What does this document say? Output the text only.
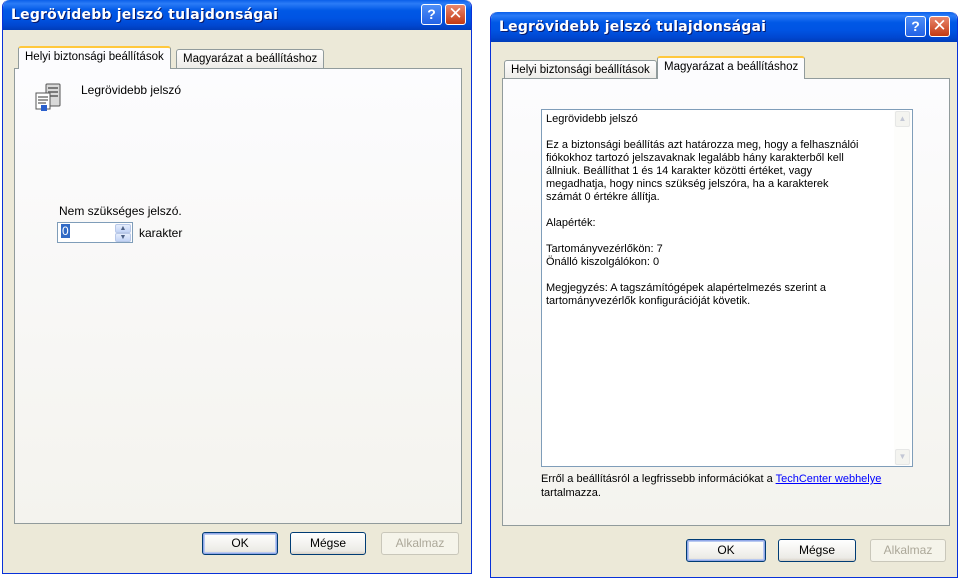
Legrövidebb jelszó tulajdonságai	? ✕
Helyi biztonsági beállítások	Magyarázat a beállításhoz
Legrövidebb jelszó
Nem szükséges jelszó.
0	▲
▼	karakter
OK	Mégse	Alkalmaz
Legrövidebb jelszó tulajdonságai	? ✕
Helyi biztonsági beállítások	Magyarázat a beállításhoz
Legrövidebb jelszó

Ez a biztonsági beállítás azt határozza meg, hogy a felhasználói
fiókokhoz tartozó jelszavaknak legalább hány karakterből kell
állniuk. Beállíthat 1 és 14 karakter közötti értéket, vagy
megadhatja, hogy nincs szükség jelszóra, ha a karakterek
számát 0 értékre állítja.

Alapérték:

Tartományvezérlőkön: 7
Önálló kiszolgálókon: 0

Megjegyzés: A tagszámítógépek alapértelmezés szerint a
tartományvezérlők konfigurációját követik.
▲
▼
Erről a beállításról a legfrissebb információkat a TechCenter webhelye
tartalmazza.
OK	Mégse	Alkalmaz
